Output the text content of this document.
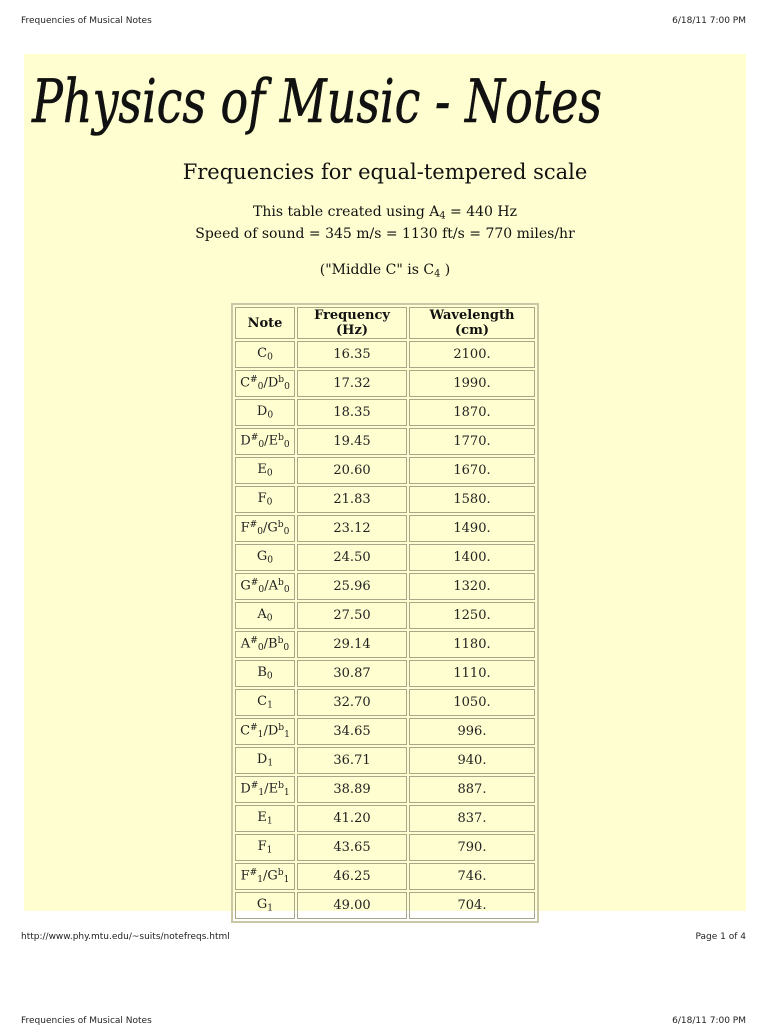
Frequencies of Musical Notes	6/18/11 7:00 PM
Physics of Music - Notes
Frequencies for equal-tempered scale
This table created using $A_4 = 440$ Hz
Speed of sound = 345 m/s = 1130 ft/s = 770 miles/hr
("Middle C" is $C_4$ )
Note	Frequency (Hz)	Wavelength (cm)
$C_0$	16.35	2100.
$C^{\#}_0/D^b_0$	17.32	1990.
$D_0$	18.35	1870.
$D^{\#}_0/E^b_0$	19.45	1770.
$E_0$	20.60	1670.
$F_0$	21.83	1580.
$F^{\#}_0/G^b_0$	23.12	1490.
$G_0$	24.50	1400.
$G^{\#}_0/A^b_0$	25.96	1320.
$A_0$	27.50	1250.
$A^{\#}_0/B^b_0$	29.14	1180.
$B_0$	30.87	1110.
$C_1$	32.70	1050.
$C^{\#}_1/D^b_1$	34.65	996.
$D_1$	36.71	940.
$D^{\#}_1/E^b_1$	38.89	887.
$E_1$	41.20	837.
$F_1$	43.65	790.
$F^{\#}_1/G^b_1$	46.25	746.
$G_1$	49.00	704.
http://www.phy.mtu.edu/~suits/notefreqs.html	Page 1 of 4
Frequencies of Musical Notes	6/18/11 7:00 PM
